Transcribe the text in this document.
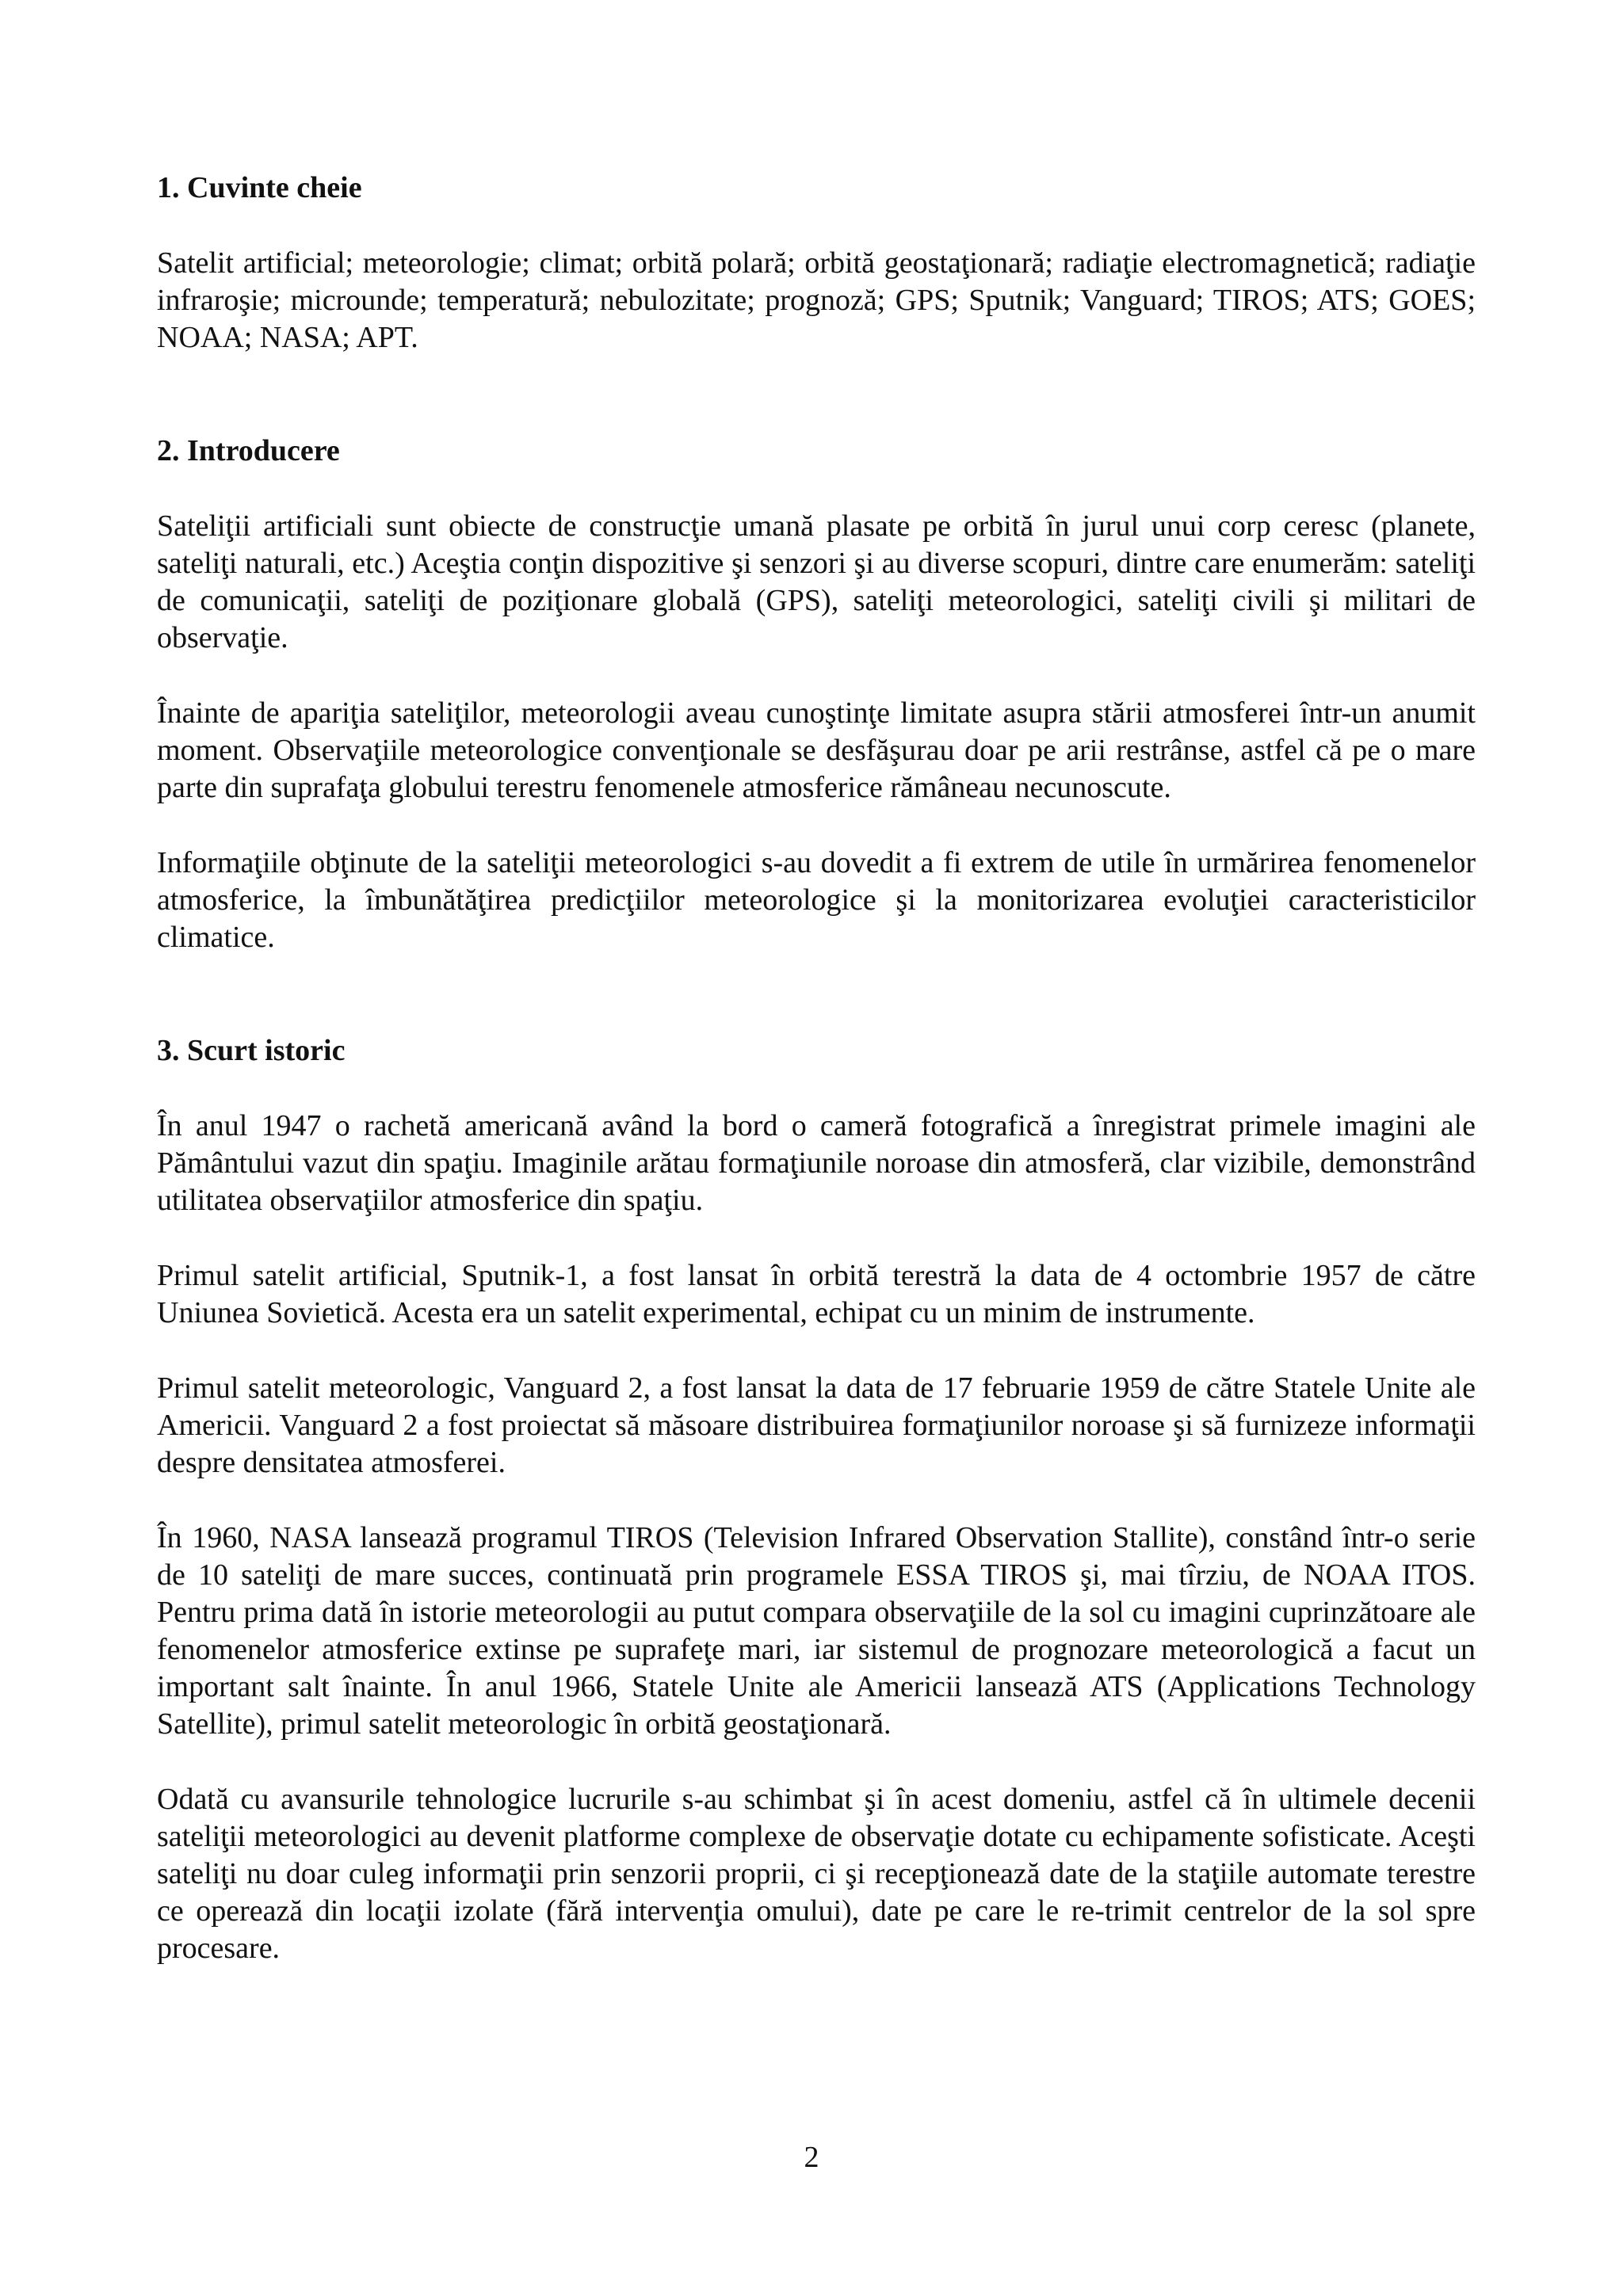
1. Cuvinte cheie

Satelit artificial; meteorologie; climat; orbită polară; orbită geostaţionară; radiaţie electromagnetică; radiaţie infraroşie; microunde; temperatură; nebulozitate; prognoză; GPS; Sputnik; Vanguard; TIROS; ATS; GOES; NOAA; NASA; APT.

2. Introducere

Sateliţii artificiali sunt obiecte de construcţie umană plasate pe orbită în jurul unui corp ceresc (planete, sateliţi naturali, etc.) Aceştia conţin dispozitive şi senzori şi au diverse scopuri, dintre care enumerăm: sateliţi de comunicaţii, sateliţi de poziţionare globală (GPS), sateliţi meteorologici, sateliţi civili şi militari de observaţie.

Înainte de apariţia sateliţilor, meteorologii aveau cunoştinţe limitate asupra stării atmosferei într-un anumit moment. Observaţiile meteorologice convenţionale se desfăşurau doar pe arii restrânse, astfel că pe o mare parte din suprafaţa globului terestru fenomenele atmosferice rămâneau necunoscute.

Informaţiile obţinute de la sateliţii meteorologici s-au dovedit a fi extrem de utile în urmărirea fenomenelor atmosferice, la îmbunătăţirea predicţiilor meteorologice şi la monitorizarea evoluţiei caracteristicilor climatice.

3. Scurt istoric

În anul 1947 o rachetă americană având la bord o cameră fotografică a înregistrat primele imagini ale Pământului vazut din spaţiu. Imaginile arătau formaţiunile noroase din atmosferă, clar vizibile, demonstrând utilitatea observaţiilor atmosferice din spaţiu.

Primul satelit artificial, Sputnik-1, a fost lansat în orbită terestră la data de 4 octombrie 1957 de către Uniunea Sovietică. Acesta era un satelit experimental, echipat cu un minim de instrumente.

Primul satelit meteorologic, Vanguard 2, a fost lansat la data de 17 februarie 1959 de către Statele Unite ale Americii. Vanguard 2 a fost proiectat să măsoare distribuirea formaţiunilor noroase şi să furnizeze informaţii despre densitatea atmosferei.

În 1960, NASA lansează programul TIROS (Television Infrared Observation Stallite), constând într-o serie de 10 sateliţi de mare succes, continuată prin programele ESSA TIROS şi, mai tîrziu, de NOAA ITOS. Pentru prima dată în istorie meteorologii au putut compara observaţiile de la sol cu imagini cuprinzătoare ale fenomenelor atmosferice extinse pe suprafeţe mari, iar sistemul de prognozare meteorologică a facut un important salt înainte. În anul 1966, Statele Unite ale Americii lansează ATS (Applications Technology Satellite), primul satelit meteorologic în orbită geostaţionară.

Odată cu avansurile tehnologice lucrurile s-au schimbat şi în acest domeniu, astfel că în ultimele decenii sateliţii meteorologici au devenit platforme complexe de observaţie dotate cu echipamente sofisticate. Aceşti sateliţi nu doar culeg informaţii prin senzorii proprii, ci şi recepţionează date de la staţiile automate terestre ce operează din locaţii izolate (fără intervenţia omului), date pe care le re-trimit centrelor de la sol spre procesare.

2
